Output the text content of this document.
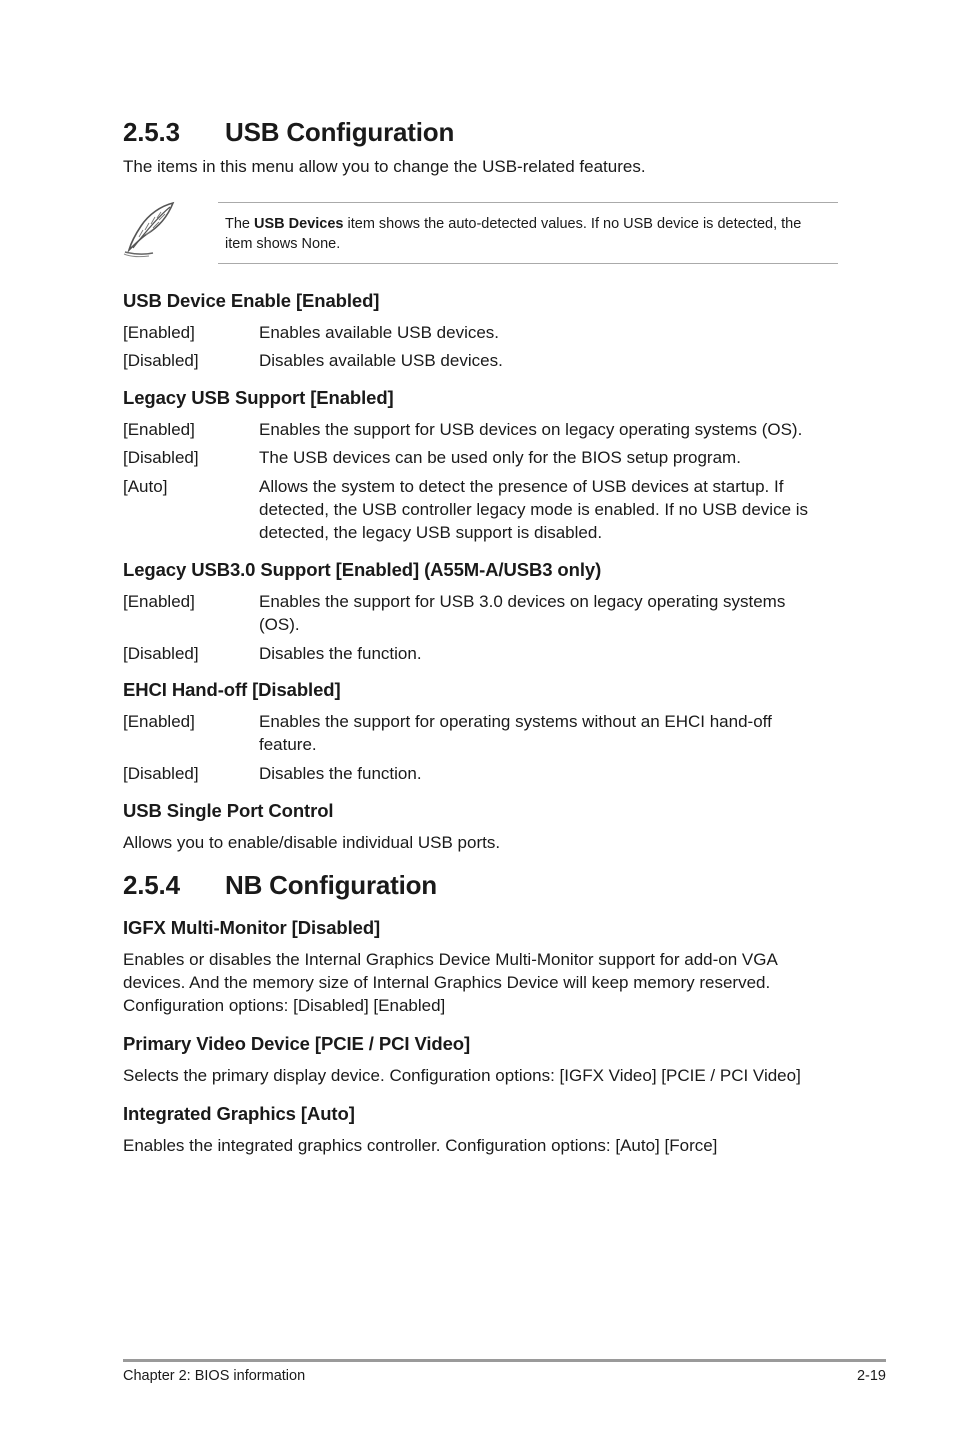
2.5.3 USB Configuration

The items in this menu allow you to change the USB-related features.

The USB Devices item shows the auto-detected values. If no USB device is detected, the item shows None.
USB Device Enable [Enabled]
[Enabled]	Enables available USB devices.
[Disabled]	Disables available USB devices.
Legacy USB Support [Enabled]
[Enabled]	Enables the support for USB devices on legacy operating systems (OS).
[Disabled]	The USB devices can be used only for the BIOS setup program.
[Auto]	Allows the system to detect the presence of USB devices at startup. If detected, the USB controller legacy mode is enabled. If no USB device is detected, the legacy USB support is disabled.
Legacy USB3.0 Support [Enabled] (A55M-A/USB3 only)
[Enabled]	Enables the support for USB 3.0 devices on legacy operating systems (OS).
[Disabled]	Disables the function.
EHCI Hand-off [Disabled]
[Enabled]	Enables the support for operating systems without an EHCI hand-off feature.
[Disabled]	Disables the function.
USB Single Port Control

Allows you to enable/disable individual USB ports.

2.5.4 NB Configuration
IGFX Multi-Monitor [Disabled]

Enables or disables the Internal Graphics Device Multi-Monitor support for add-on VGA devices. And the memory size of Internal Graphics Device will keep memory reserved. Configuration options: [Disabled] [Enabled]

Primary Video Device [PCIE / PCI Video]

Selects the primary display device. Configuration options: [IGFX Video] [PCIE / PCI Video]

Integrated Graphics [Auto]

Enables the integrated graphics controller. Configuration options: [Auto] [Force]

Chapter 2: BIOS information	2-19
